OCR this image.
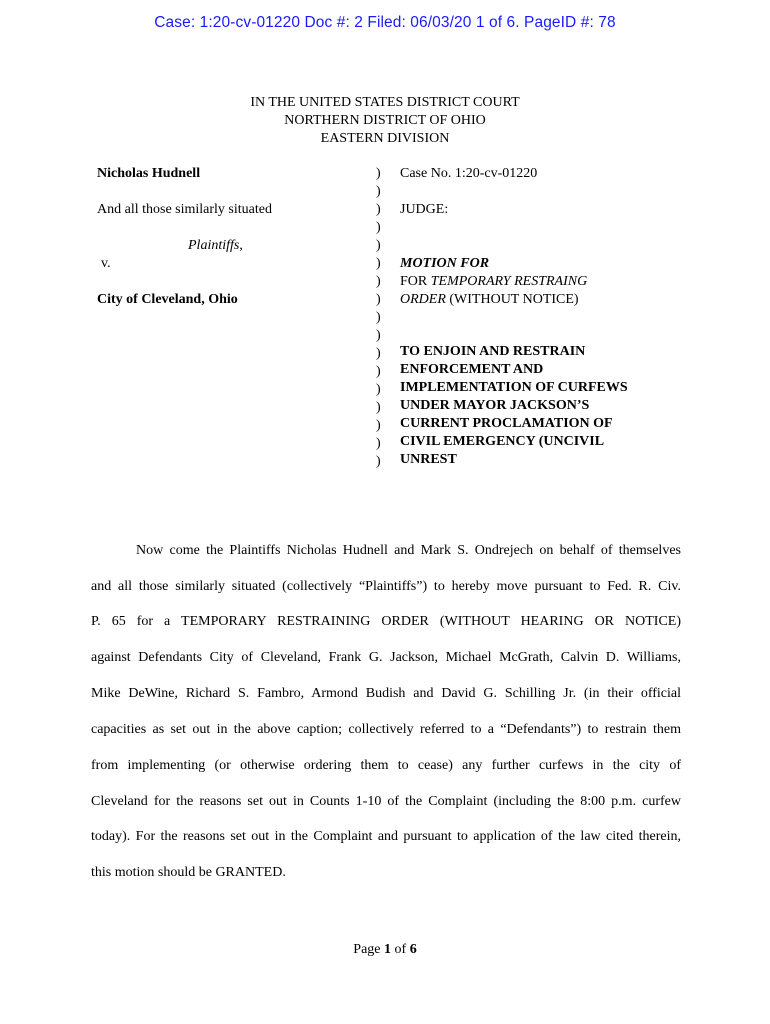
Case: 1:20-cv-01220 Doc #: 2 Filed: 06/03/20 1 of 6. PageID #: 78
IN THE UNITED STATES DISTRICT COURT
NORTHERN DISTRICT OF OHIO
EASTERN DIVISION
Nicholas Hudnell
And all those similarly situated
Plaintiffs,
v.
City of Cleveland, Ohio
)
)
)
)
)
)
)
)
)
)
)
)
)
)
)
)
)
Case No. 1:20-cv-01220
JUDGE:
MOTION FOR
FOR TEMPORARY RESTRAING
ORDER (WITHOUT NOTICE)
TO ENJOIN AND RESTRAIN
ENFORCEMENT AND
IMPLEMENTATION OF CURFEWS
UNDER MAYOR JACKSON’S
CURRENT PROCLAMATION OF
CIVIL EMERGENCY (UNCIVIL
UNREST
Now come the Plaintiffs Nicholas Hudnell and Mark S. Ondrejech on behalf of themselves
and all those similarly situated (collectively “Plaintiffs”) to hereby move pursuant to Fed. R. Civ.
P. 65 for a TEMPORARY RESTRAINING ORDER (WITHOUT HEARING OR NOTICE)
against Defendants City of Cleveland, Frank G. Jackson, Michael McGrath, Calvin D. Williams,
Mike DeWine, Richard S. Fambro, Armond Budish and David G. Schilling Jr. (in their official
capacities as set out in the above caption; collectively referred to a “Defendants”) to restrain them
from implementing (or otherwise ordering them to cease) any further curfews in the city of
Cleveland for the reasons set out in Counts 1-10 of the Complaint (including the 8:00 p.m. curfew
today). For the reasons set out in the Complaint and pursuant to application of the law cited therein,
this motion should be GRANTED.
Page 1 of 6
